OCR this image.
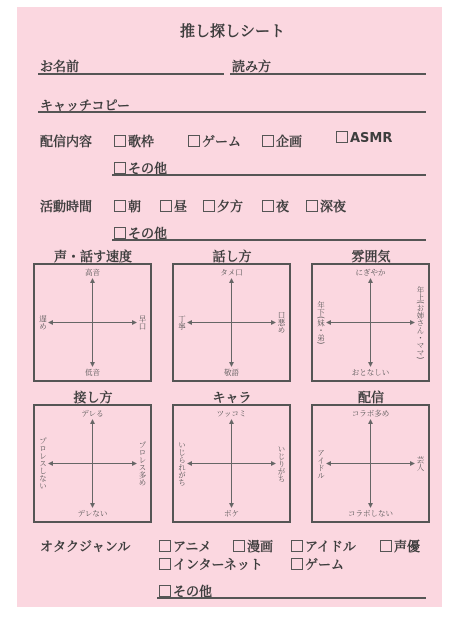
推し探しシート
お名前	読み方
キャッチコピー
配信内容	歌枠	ゲーム	企画	ASMR
その他
活動時間	朝	昼	夕方	夜	深夜
その他
声・話す速度	話し方	雰囲気
高音
低音
遅め	早口
タメ口
敬語
丁寧	口悪め
にぎやか
おとなしい
年下(妹・弟)	年上(お姉さん・ママ)
接し方	キャラ	配信
デレる
デレない
プロレスしない	プロレス多め
ツッコミ
ボケ
いじられがち	いじりがち
コラボ多め
コラボしない
アイドル	芸人
オタクジャンル	アニメ	漫画	アイドル	声優
インターネット	ゲーム
その他
